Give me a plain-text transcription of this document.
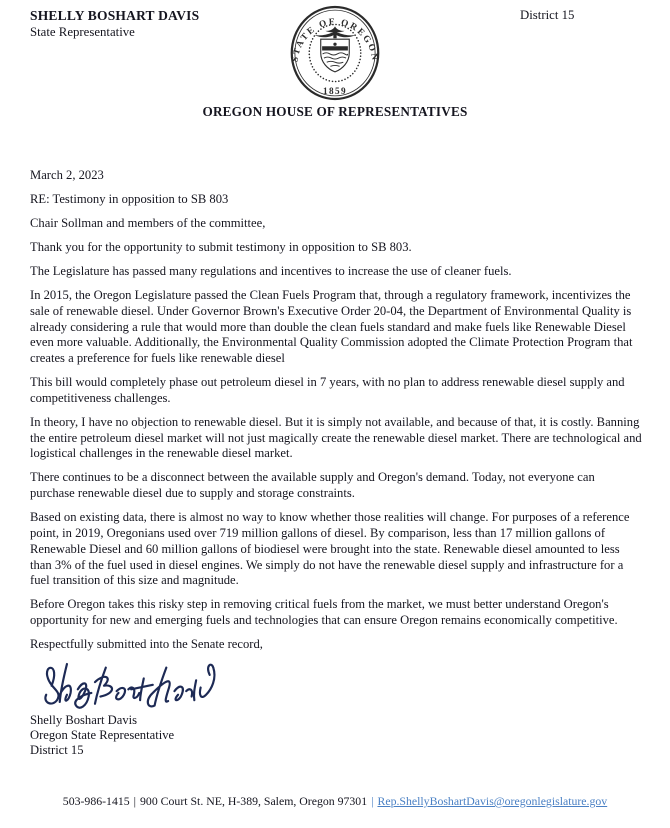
SHELLY BOSHART DAVIS
State Representative
STATE OF OREGON
1859
District 15
OREGON HOUSE OF REPRESENTATIVES

March 2, 2023

RE: Testimony in opposition to SB 803

Chair Sollman and members of the committee,

Thank you for the opportunity to submit testimony in opposition to SB 803.

The Legislature has passed many regulations and incentives to increase the use of cleaner fuels.

In 2015, the Oregon Legislature passed the Clean Fuels Program that, through a regulatory framework, incentivizes the sale of renewable diesel. Under Governor Brown's Executive Order 20-04, the Department of Environmental Quality is already considering a rule that would more than double the clean fuels standard and make fuels like Renewable Diesel even more valuable. Additionally, the Environmental Quality Commission adopted the Climate Protection Program that creates a preference for fuels like renewable diesel

This bill would completely phase out petroleum diesel in 7 years, with no plan to address renewable diesel supply and competitiveness challenges.

In theory, I have no objection to renewable diesel. But it is simply not available, and because of that, it is costly. Banning the entire petroleum diesel market will not just magically create the renewable diesel market. There are technological and logistical challenges in the renewable diesel market.

There continues to be a disconnect between the available supply and Oregon's demand. Today, not everyone can purchase renewable diesel due to supply and storage constraints.

Based on existing data, there is almost no way to know whether those realities will change. For purposes of a reference point, in 2019, Oregonians used over 719 million gallons of diesel. By comparison, less than 17 million gallons of Renewable Diesel and 60 million gallons of biodiesel were brought into the state. Renewable diesel amounted to less than 3% of the fuel used in diesel engines. We simply do not have the renewable diesel supply and infrastructure for a fuel transition of this size and magnitude.

Before Oregon takes this risky step in removing critical fuels from the market, we must better understand Oregon's opportunity for new and emerging fuels and technologies that can ensure Oregon remains economically competitive.

Respectfully submitted into the Senate record,

Shelly Boshart Davis
Oregon State Representative
District 15
503-986-1415 | 900 Court St. NE, H-389, Salem, Oregon 97301 | Rep.ShellyBoshartDavis@oregonlegislature.gov
